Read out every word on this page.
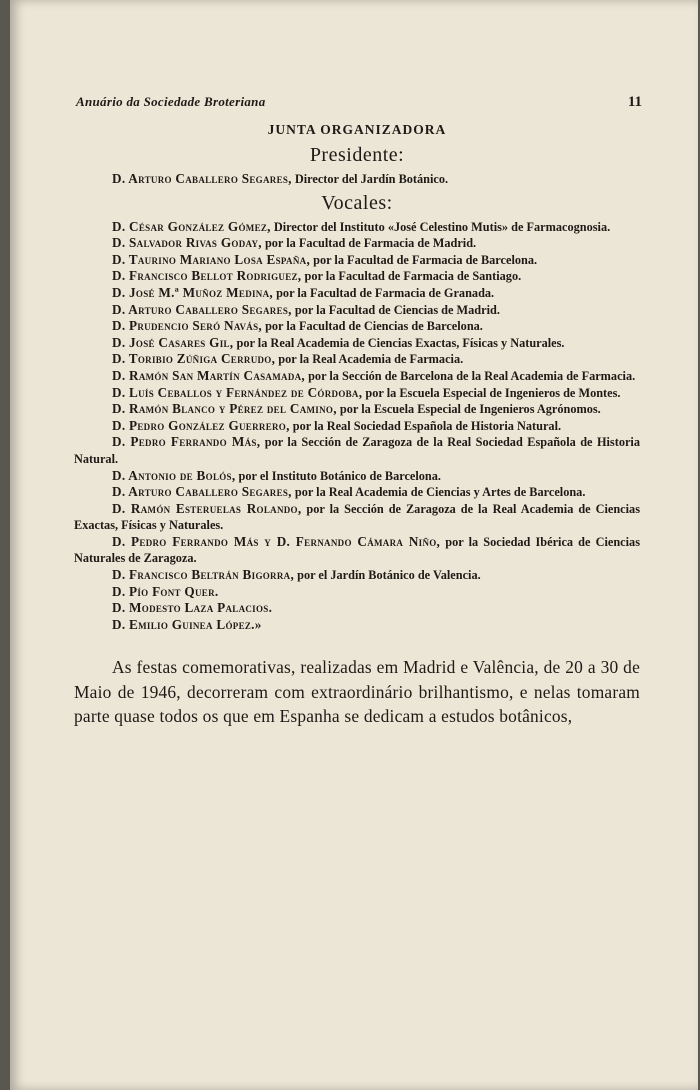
Anuário da Sociedade Broteriana	11
JUNTA ORGANIZADORA
Presidente:

D. Arturo Caballero Segares, Director del Jardín Botánico.

Vocales:

D. César González Gómez, Director del Instituto «José Celestino Mutis» de Farmacognosia.

D. Salvador Rivas Goday, por la Facultad de Farmacia de Madrid.

D. Taurino Mariano Losa España, por la Facultad de Farmacia de Barcelona.

D. Francisco Bellot Rodriguez, por la Facultad de Farmacia de Santiago.

D. José M.ª Muñoz Medina, por la Facultad de Farmacia de Granada.

D. Arturo Caballero Segares, por la Facultad de Ciencias de Madrid.

D. Prudencio Seró Navás, por la Facultad de Ciencias de Barcelona.

D. José Casares Gil, por la Real Academia de Ciencias Exactas, Físicas y Naturales.

D. Toribio Zúñiga Cerrudo, por la Real Academia de Farmacia.

D. Ramón San Martín Casamada, por la Sección de Barcelona de la Real Academia de Farmacia.

D. Luís Ceballos y Fernández de Córdoba, por la Escuela Especial de Ingenieros de Montes.

D. Ramón Blanco y Pérez del Camino, por la Escuela Especial de Ingenieros Agrónomos.

D. Pedro González Guerrero, por la Real Sociedad Española de Historia Natural.

D. Pedro Ferrando Más, por la Sección de Zaragoza de la Real Sociedad Española de Historia Natural.

D. Antonio de Bolós, por el Instituto Botánico de Barcelona.

D. Arturo Caballero Segares, por la Real Academia de Ciencias y Artes de Barcelona.

D. Ramón Esteruelas Rolando, por la Sección de Zaragoza de la Real Academia de Ciencias Exactas, Físicas y Naturales.

D. Pedro Ferrando Más y D. Fernando Cámara Niño, por la Sociedad Ibérica de Ciencias Naturales de Zaragoza.

D. Francisco Beltrán Bigorra, por el Jardín Botánico de Valencia.

D. Pío Font Quer.

D. Modesto Laza Palacios.

D. Emilio Guinea López.»

As festas comemorativas, realizadas em Madrid e Valência, de 20 a 30 de Maio de 1946, decorreram com extraordinário brilhantismo, e nelas tomaram parte quase todos os que em Espanha se dedicam a estudos botânicos,
